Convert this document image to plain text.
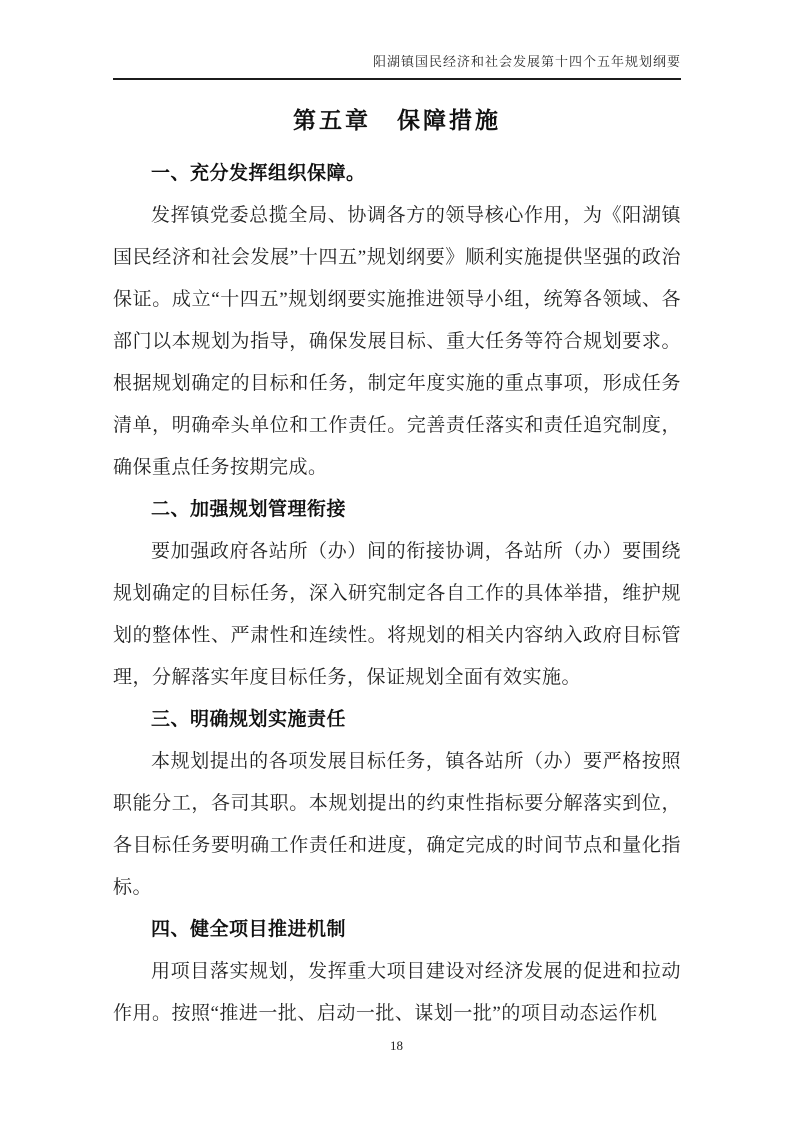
阳湖镇国民经济和社会发展第十四个五年规划纲要
第五章　保障措施
一、充分发挥组织保障。

发挥镇党委总揽全局、协调各方的领导核心作用，为《阳湖镇国民经济和社会发展”十四五”规划纲要》顺利实施提供坚强的政治保证。成立“十四五”规划纲要实施推进领导小组，统筹各领域、各部门以本规划为指导，确保发展目标、重大任务等符合规划要求。根据规划确定的目标和任务，制定年度实施的重点事项，形成任务清单，明确牵头单位和工作责任。完善责任落实和责任追究制度，确保重点任务按期完成。

二、加强规划管理衔接

要加强政府各站所（办）间的衔接协调，各站所（办）要围绕规划确定的目标任务，深入研究制定各自工作的具体举措，维护规划的整体性、严肃性和连续性。将规划的相关内容纳入政府目标管理，分解落实年度目标任务，保证规划全面有效实施。

三、明确规划实施责任

本规划提出的各项发展目标任务，镇各站所（办）要严格按照职能分工，各司其职。本规划提出的约束性指标要分解落实到位，各目标任务要明确工作责任和进度，确定完成的时间节点和量化指标。

四、健全项目推进机制

用项目落实规划，发挥重大项目建设对经济发展的促进和拉动作用。按照“推进一批、启动一批、谋划一批”的项目动态运作机

18
